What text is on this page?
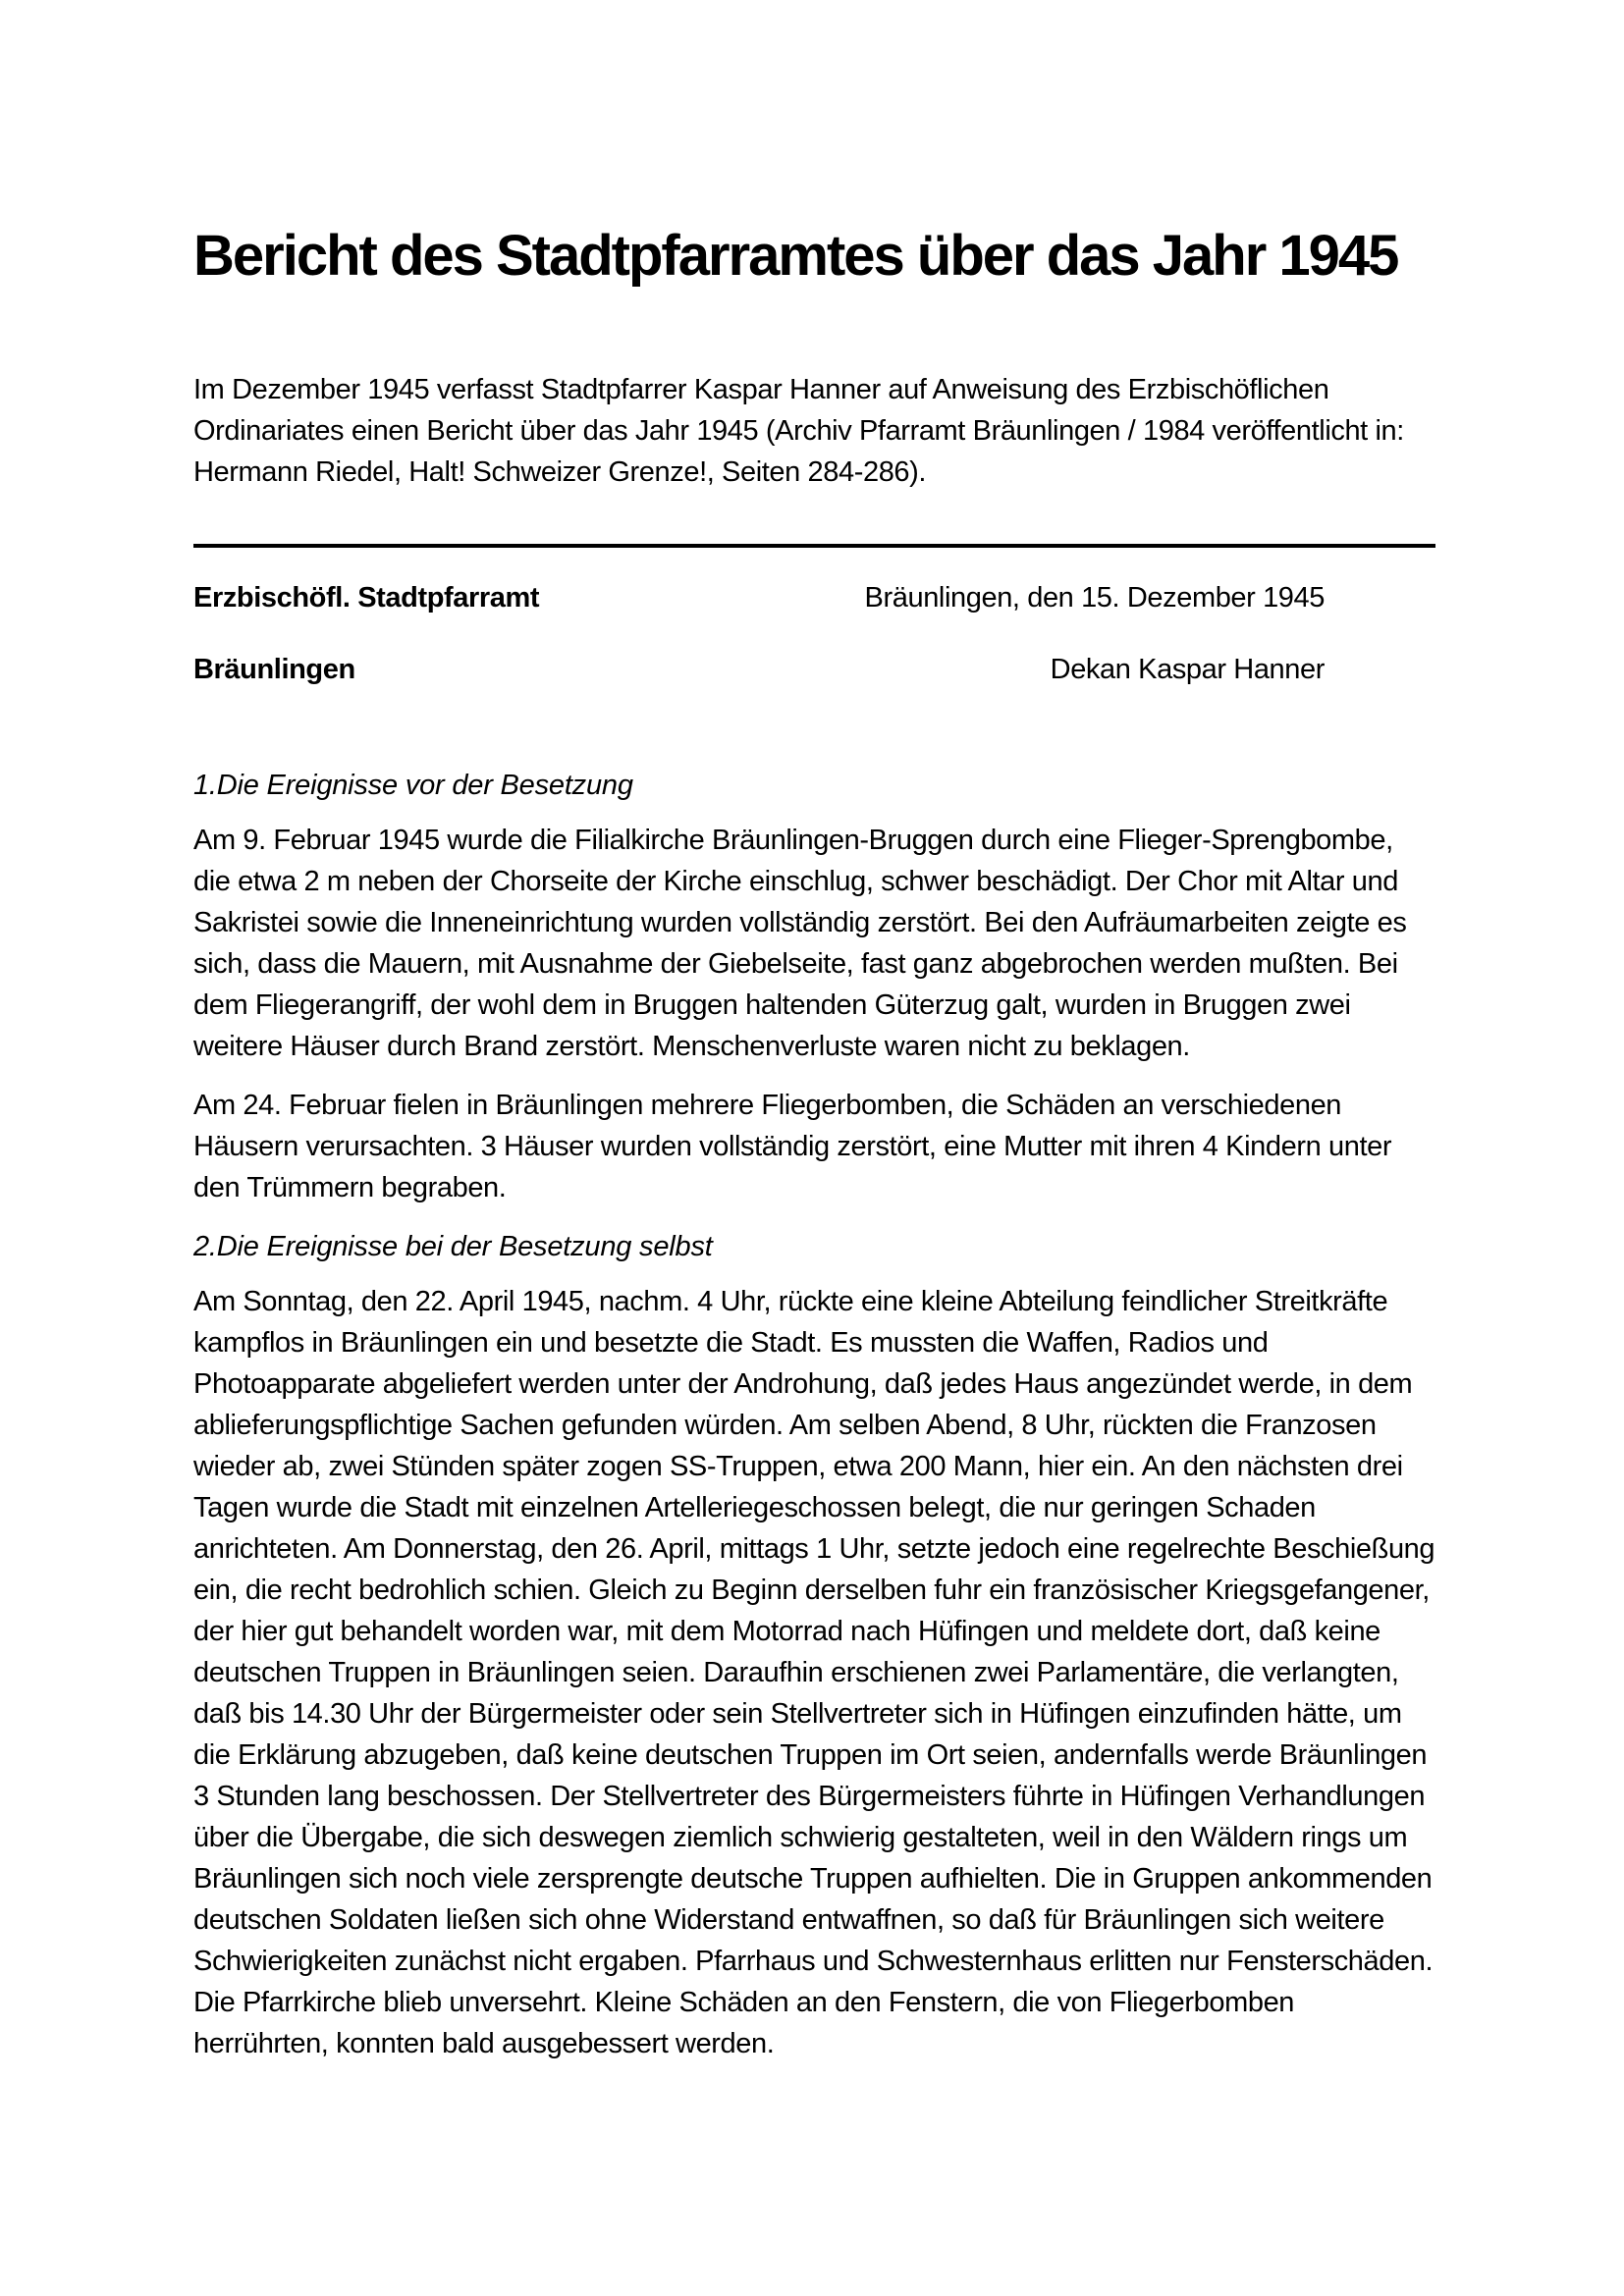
Bericht des Stadtpfarramtes über das Jahr 1945

Im Dezember 1945 verfasst Stadtpfarrer Kaspar Hanner auf Anweisung des Erzbischöflichen Ordinariates einen Bericht über das Jahr 1945 (Archiv Pfarramt Bräunlingen / 1984 veröffentlicht in: Hermann Riedel, Halt! Schweizer Grenze!, Seiten 284-286).

Erzbischöfl. Stadtpfarramt	Bräunlingen, den 15. Dezember 1945
Bräunlingen	Dekan Kaspar Hanner
1.Die Ereignisse vor der Besetzung

Am 9. Februar 1945 wurde die Filialkirche Bräunlingen-Bruggen durch eine Flieger-Sprengbombe, die etwa 2 m neben der Chorseite der Kirche einschlug, schwer beschädigt. Der Chor mit Altar und Sakristei sowie die Inneneinrichtung wurden vollständig zerstört. Bei den Aufräumarbeiten zeigte es sich, dass die Mauern, mit Ausnahme der Giebelseite, fast ganz abgebrochen werden mußten. Bei dem Fliegerangriff, der wohl dem in Bruggen haltenden Güterzug galt, wurden in Bruggen zwei weitere Häuser durch Brand zerstört. Menschenverluste waren nicht zu beklagen.

Am 24. Februar fielen in Bräunlingen mehrere Fliegerbomben, die Schäden an verschiedenen Häusern verursachten. 3 Häuser wurden vollständig zerstört, eine Mutter mit ihren 4 Kindern unter den Trümmern begraben.

2.Die Ereignisse bei der Besetzung selbst

Am Sonntag, den 22. April 1945, nachm. 4 Uhr, rückte eine kleine Abteilung feindlicher Streitkräfte kampflos in Bräunlingen ein und besetzte die Stadt. Es mussten die Waffen, Radios und Photoapparate abgeliefert werden unter der Androhung, daß jedes Haus angezündet werde, in dem ablieferungspflichtige Sachen gefunden würden. Am selben Abend, 8 Uhr, rückten die Franzosen wieder ab, zwei Stünden später zogen SS-Truppen, etwa 200 Mann, hier ein. An den nächsten drei Tagen wurde die Stadt mit einzelnen Artelleriegeschossen belegt, die nur geringen Schaden anrichteten. Am Donnerstag, den 26. April, mittags 1 Uhr, setzte jedoch eine regelrechte Beschießung ein, die recht bedrohlich schien. Gleich zu Beginn derselben fuhr ein französischer Kriegsgefangener, der hier gut behandelt worden war, mit dem Motorrad nach Hüfingen und meldete dort, daß keine deutschen Truppen in Bräunlingen seien. Daraufhin erschienen zwei Parlamentäre, die verlangten, daß bis 14.30 Uhr der Bürgermeister oder sein Stellvertreter sich in Hüfingen einzufinden hätte, um die Erklärung abzugeben, daß keine deutschen Truppen im Ort seien, andernfalls werde Bräunlingen 3 Stunden lang beschossen. Der Stellvertreter des Bürgermeisters führte in Hüfingen Verhandlungen über die Übergabe, die sich deswegen ziemlich schwierig gestalteten, weil in den Wäldern rings um Bräunlingen sich noch viele zersprengte deutsche Truppen aufhielten. Die in Gruppen ankommenden deutschen Soldaten ließen sich ohne Widerstand entwaffnen, so daß für Bräunlingen sich weitere Schwierigkeiten zunächst nicht ergaben. Pfarrhaus und Schwesternhaus erlitten nur Fensterschäden. Die Pfarrkirche blieb unversehrt. Kleine Schäden an den Fenstern, die von Fliegerbomben herrührten, konnten bald ausgebessert werden.
